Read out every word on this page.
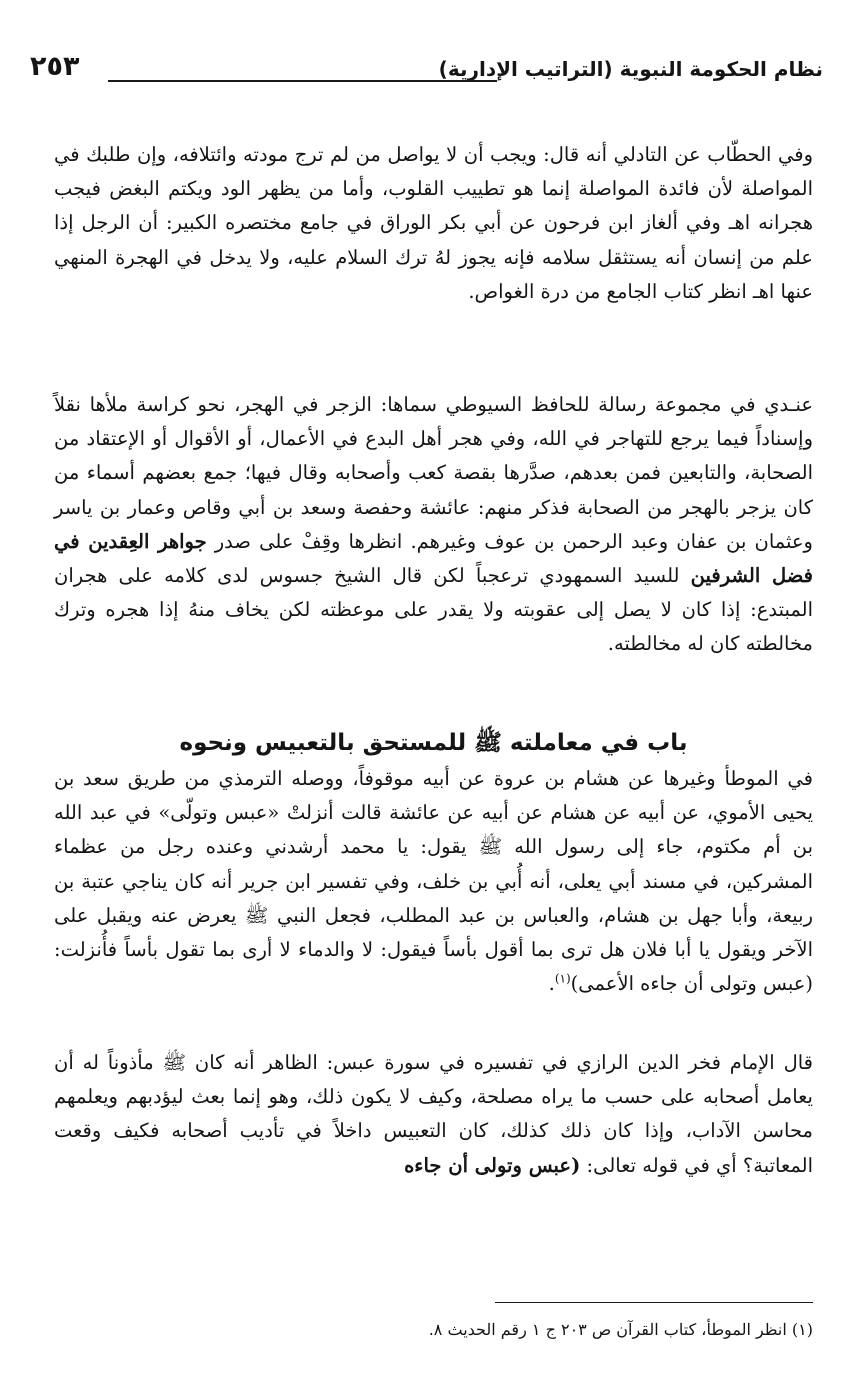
نظام الحكومة النبوية (التراتيب الإدارية)
٢٥٣

وفي الحطّاب عن التادلي أنه قال: ويجب أن لا يواصل من لم ترج مودته وائتلافه، وإن طلبك في المواصلة لأن فائدة المواصلة إنما هو تطييب القلوب، وأما من يظهر الود ويكتم البغض فيجب هجرانه اهـ وفي ألغاز ابن فرحون عن أبي بكر الوراق في جامع مختصره الكبير: أن الرجل إذا علم من إنسان أنه يستثقل سلامه فإنه يجوز لهُ ترك السلام عليه، ولا يدخل في الهجرة المنهي عنها اهـ انظر كتاب الجامع من درة الغواص.

عنـدي في مجموعة رسالة للحافظ السيوطي سماها: الزجر في الهجر، نحو كراسة ملأها نقلاً وإسناداً فيما يرجع للتهاجر في الله، وفي هجر أهل البدع في الأعمال، أو الأقوال أو الإعتقاد من الصحابة، والتابعين فمن بعدهم، صدَّرها بقصة كعب وأصحابه وقال فيها؛ جمع بعضهم أسماء من كان يزجر بالهجر من الصحابة فذكر منهم: عائشة وحفصة وسعد بن أبي وقاص وعمار بن ياسر وعثمان بن عفان وعبد الرحمن بن عوف وغيرهم. انظرها وقِفْ على صدر جواهر العِقدين في فضل الشرفين للسيد السمهودي ترعجباً لكن قال الشيخ جسوس لدى كلامه على هجران المبتدع: إذا كان لا يصل إلى عقوبته ولا يقدر على موعظته لكن يخاف منهُ إذا هجره وترك مخالطته كان له مخالطته.

باب في معاملته ﷺ للمستحق بالتعبيس ونحوه

في الموطأ وغيرها عن هشام بن عروة عن أبيه موقوفاً، ووصله الترمذي من طريق سعد بن يحيى الأموي، عن أبيه عن هشام عن أبيه عن عائشة قالت أنزلتْ «عبس وتولّى» في عبد الله بن أم مكتوم، جاء إلى رسول الله ﷺ يقول: يا محمد أرشدني وعنده رجل من عظماء المشركين، في مسند أبي يعلى، أنه أُبي بن خلف، وفي تفسير ابن جرير أنه كان يناجي عتبة بن ربيعة، وأبا جهل بن هشام، والعباس بن عبد المطلب، فجعل النبي ﷺ يعرض عنه ويقبل على الآخر ويقول يا أبا فلان هل ترى بما أقول بأساً فيقول: لا والدماء لا أرى بما تقول بأساً فأُنزلت: (عبس وتولى أن جاءه الأعمى)$^{(١)}$.

قال الإمام فخر الدين الرازي في تفسيره في سورة عبس: الظاهر أنه كان ﷺ مأذوناً له أن يعامل أصحابه على حسب ما يراه مصلحة، وكيف لا يكون ذلك، وهو إنما بعث ليؤدبهم ويعلمهم محاسن الآداب، وإذا كان ذلك كذلك، كان التعبيس داخلاً في تأديب أصحابه فكيف وقعت المعاتبة؟ أي في قوله تعالى: (عبس وتولى أن جاءه

(١) انظر الموطأ، كتاب القرآن ص ٢٠٣ ج ١ رقم الحديث ٨.
